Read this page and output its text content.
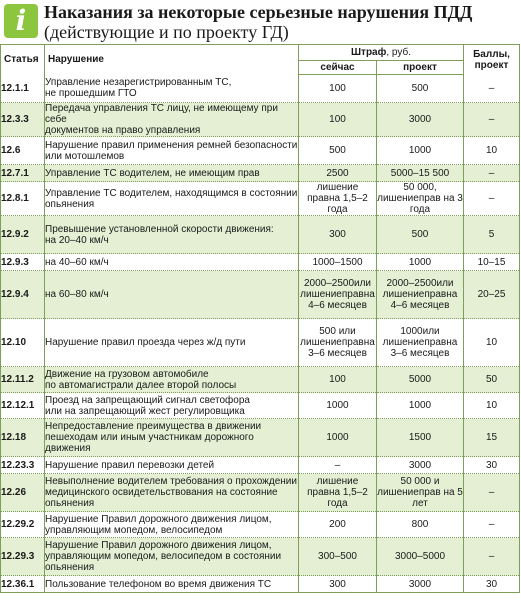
i Наказания за некоторые серьезные нарушения ПДД
(действующие и по проекту ГД)
Статья	Нарушение	Штраф, руб.		Баллы,
проект
		сейчас	проект	
12.1.1	Управление незарегистрированным ТС,
не прошедшим ГТО	100	500	–
12.3.3	Передача управления ТС лицу, не имеющему при себе
документов на право управления	100	3000	–
12.6	Нарушение правил применения ремней безопасности
или мотошлемов	500	1000	10
12.7.1	Управление ТС водителем, не имеющим прав	2500	5000–15 500	–
12.8.1	Управление ТС водителем, находящимся в состоянии
опьянения	лишение правна 1,5–2 года	50 000, лишениеправ на 3 года	–
12.9.2	Превышение установленной скорости движения:
на 20–40 км/ч	300	500	5
12.9.3	на 40–60 км/ч	1000–1500	1000	10–15
12.9.4	на 60–80 км/ч	2000–2500или лишениеправна 4–6 месяцев	2000–2500или лишениеправна 4–6 месяцев	20–25
12.10	Нарушение правил проезда через ж/д пути	500 или лишениеправна 3–6 месяцев	1000или лишениеправна 3–6 месяцев	10
12.11.2	Движение на грузовом автомобиле
по автомагистрали далее второй полосы	100	5000	50
12.12.1	Проезд на запрещающий сигнал светофора
или на запрещающий жест регулировщика	1000	1000	10
12.18	Непредоставление преимущества в движении
пешеходам или иным участникам дорожного
движения	1000	1500	15
12.23.3	Нарушение правил перевозки детей	–	3000	30
12.26	Невыполнение водителем требования о прохождении
медицинского освидетельствования на состояние
опьянения	лишение правна 1,5–2 года	50 000 и лишениеправ на 5 лет	–
12.29.2	Нарушение Правил дорожного движения лицом,
управляющим мопедом, велосипедом	200	800	–
12.29.3	Нарушение Правил дорожного движения лицом,
управляющим мопедом, велосипедом в состоянии
опьянения	300–500	3000–5000	–
12.36.1	Пользование телефоном во время движения ТС	300	3000	30
